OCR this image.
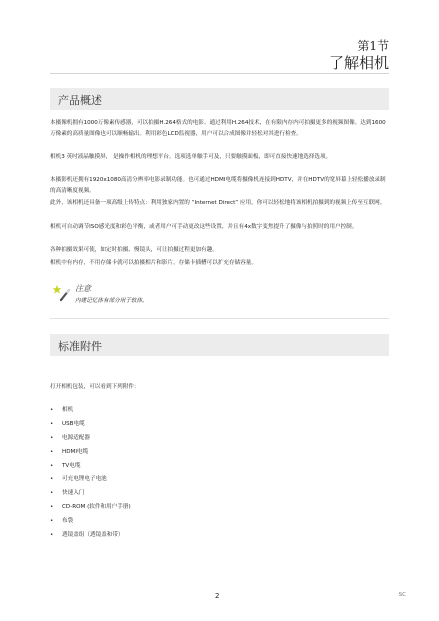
第1节
了解相机
产品概述

本摄像机拥有1000万像素传感器，可以拍摄H.264格式的电影。通过利用H.264技术，在有限内存内可拍摄更多的视频图像。达到1600万像素的高质量图像也可以顺畅输出。利用彩色LCD监视器，用户可以合成图像并轻松对其进行检查。

相机3 英吋液晶触摸屏， 是操作相机的理想平台。选项选单触手可及，只要触摸面板，即可直接快速地选择选项。

本摄影机还拥有1920x1080高清分辨率电影录制功能。也可通过HDMI电缆将摄像机连接到HDTV，并在HDTV的宽屏幕上轻松播放录制的高清晰度视频。

此外，该相机还具备一项高级上传特点：利用独家内置的 “Internet Direct” 应用，你可以轻松地将该相机拍摄到的视频上传至互联网。

相机可自动调节ISO感光度和彩色平衡，或者用户可手动更改这些设置，并且有4x数字变焦提升了摄像与拍照时的用户控制。

各种拍摄效果可使，如定时拍摄、慢镜头，可让拍摄过程更加有趣。

相机中有内存，不用存储卡就可以拍摄相片和影片。存储卡插槽可以扩充存储容量。

注意
内建记忆体有部分用于软体。
标准附件

打开相机包装，可以看到下列附件：

• 相机
• USB电缆
• 电源适配器
• HDMI电缆
• TV电缆
• 可充电锂电子电池
• 快速入门
• CD-ROM (软件和用户手册)
• 布袋
• 透镜盖组（透镜盖和带）
2	SC
